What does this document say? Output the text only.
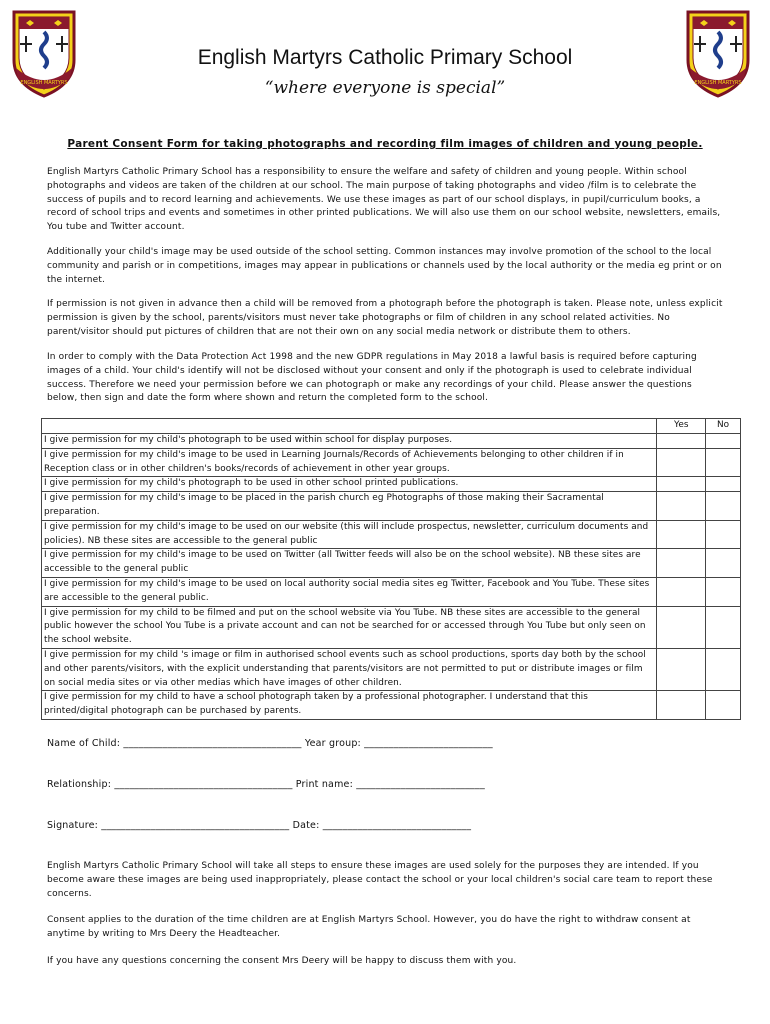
ENGLISH MARTYRS	ENGLISH MARTYRS
English Martyrs Catholic Primary School
“where everyone is special”
Parent Consent Form for taking photographs and recording film images of children and young people.

English Martyrs Catholic Primary School has a responsibility to ensure the welfare and safety of children and young people. Within school photographs and videos are taken of the children at our school. The main purpose of taking photographs and video /film is to celebrate the success of pupils and to record learning and achievements. We use these images as part of our school displays, in pupil/curriculum books, a record of school trips and events and sometimes in other printed publications. We will also use them on our school website, newsletters, emails, You tube and Twitter account.

Additionally your child's image may be used outside of the school setting. Common instances may involve promotion of the school to the local community and parish or in competitions, images may appear in publications or channels used by the local authority or the media eg print or on the internet.

If permission is not given in advance then a child will be removed from a photograph before the photograph is taken. Please note, unless explicit permission is given by the school, parents/visitors must never take photographs or film of children in any school related activities. No parent/visitor should put pictures of children that are not their own on any social media network or distribute them to others.

In order to comply with the Data Protection Act 1998 and the new GDPR regulations in May 2018 a lawful basis is required before capturing images of a child. Your child's identify will not be disclosed without your consent and only if the photograph is used to celebrate individual success. Therefore we need your permission before we can photograph or make any recordings of your child. Please answer the questions below, then sign and date the form where shown and return the completed form to the school.

	Yes	No
I give permission for my child's photograph to be used within school for display purposes.		
I give permission for my child's image to be used in Learning Journals/Records of Achievements belonging to other children if in Reception class or in other children's books/records of achievement in other year groups.		
I give permission for my child's photograph to be used in other school printed publications.		
I give permission for my child's image to be placed in the parish church eg Photographs of those making their Sacramental preparation.		
I give permission for my child's image to be used on our website (this will include prospectus, newsletter, curriculum documents and policies). NB these sites are accessible to the general public		
I give permission for my child's image to be used on Twitter (all Twitter feeds will also be on the school website). NB these sites are accessible to the general public		
I give permission for my child's image to be used on local authority social media sites eg Twitter, Facebook and You Tube. These sites are accessible to the general public.		
I give permission for my child to be filmed and put on the school website via You Tube. NB these sites are accessible to the general public however the school You Tube is a private account and can not be searched for or accessed through You Tube but only seen on the school website.		
I give permission for my child 's image or film in authorised school events such as school productions, sports day both by the school and other parents/visitors, with the explicit understanding that parents/visitors are not permitted to put or distribute images or film on social media sites or via other medias which have images of other children.		
I give permission for my child to have a school photograph taken by a professional photographer. I understand that this printed/digital photograph can be purchased by parents.		
Name of Child: ____________________________________ Year group: __________________________
Relationship: ____________________________________ Print name: __________________________
Signature: ______________________________________ Date: ______________________________

English Martyrs Catholic Primary School will take all steps to ensure these images are used solely for the purposes they are intended. If you become aware these images are being used inappropriately, please contact the school or your local children's social care team to report these concerns.

Consent applies to the duration of the time children are at English Martyrs School. However, you do have the right to withdraw consent at anytime by writing to Mrs Deery the Headteacher.

If you have any questions concerning the consent Mrs Deery will be happy to discuss them with you.
